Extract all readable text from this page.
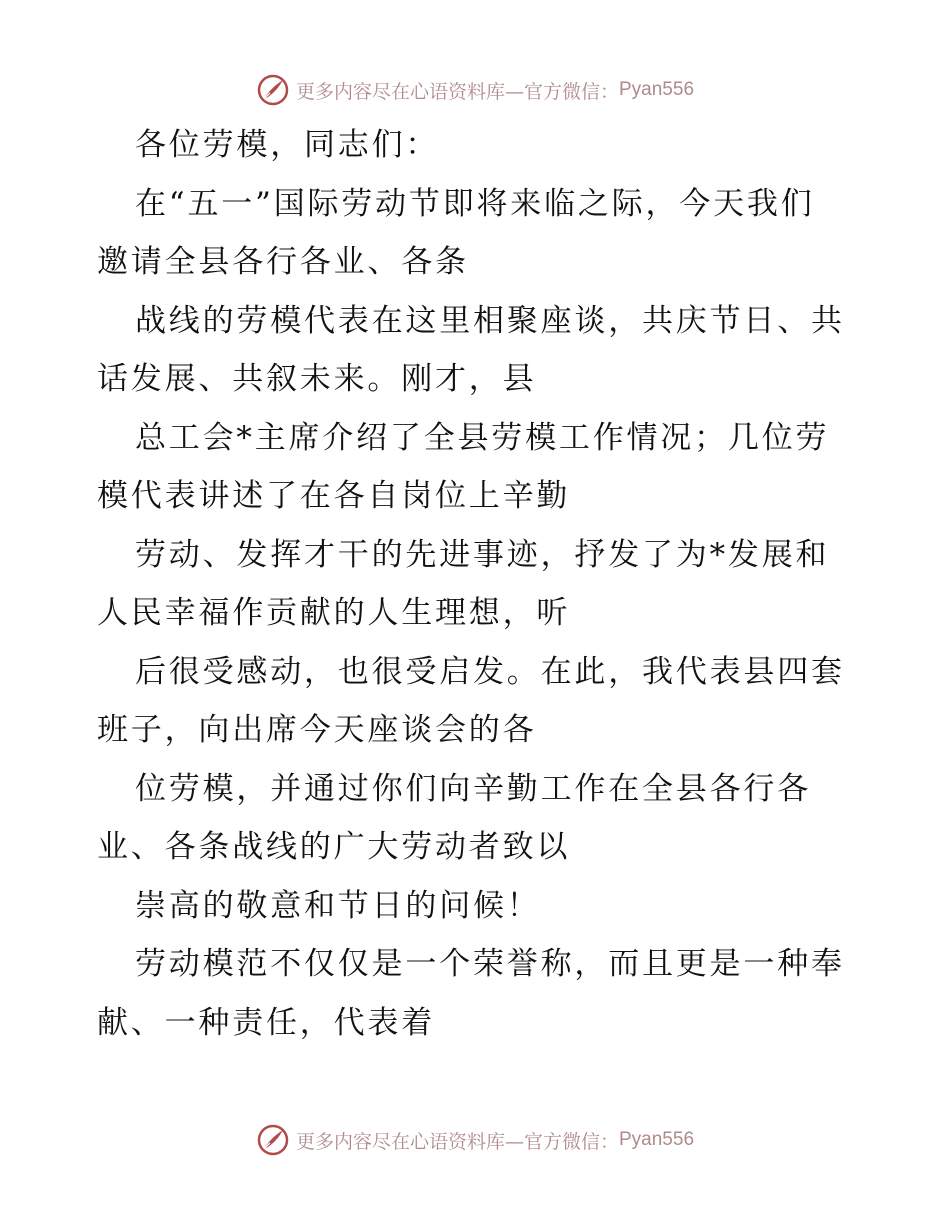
更多内容尽在心语资料库—官方微信： Pyan556
各位劳模，同志们：
在“五一”国际劳动节即将来临之际，今天我们
邀请全县各行各业、各条
战线的劳模代表在这里相聚座谈，共庆节日、共
话发展、共叙未来。刚才，县
总工会*主席介绍了全县劳模工作情况；几位劳
模代表讲述了在各自岗位上辛勤
劳动、发挥才干的先进事迹，抒发了为*发展和
人民幸福作贡献的人生理想，听
后很受感动，也很受启发。在此，我代表县四套
班子，向出席今天座谈会的各
位劳模，并通过你们向辛勤工作在全县各行各
业、各条战线的广大劳动者致以
崇高的敬意和节日的问候！
劳动模范不仅仅是一个荣誉称，而且更是一种奉
献、一种责任，代表着
更多内容尽在心语资料库—官方微信： Pyan556
